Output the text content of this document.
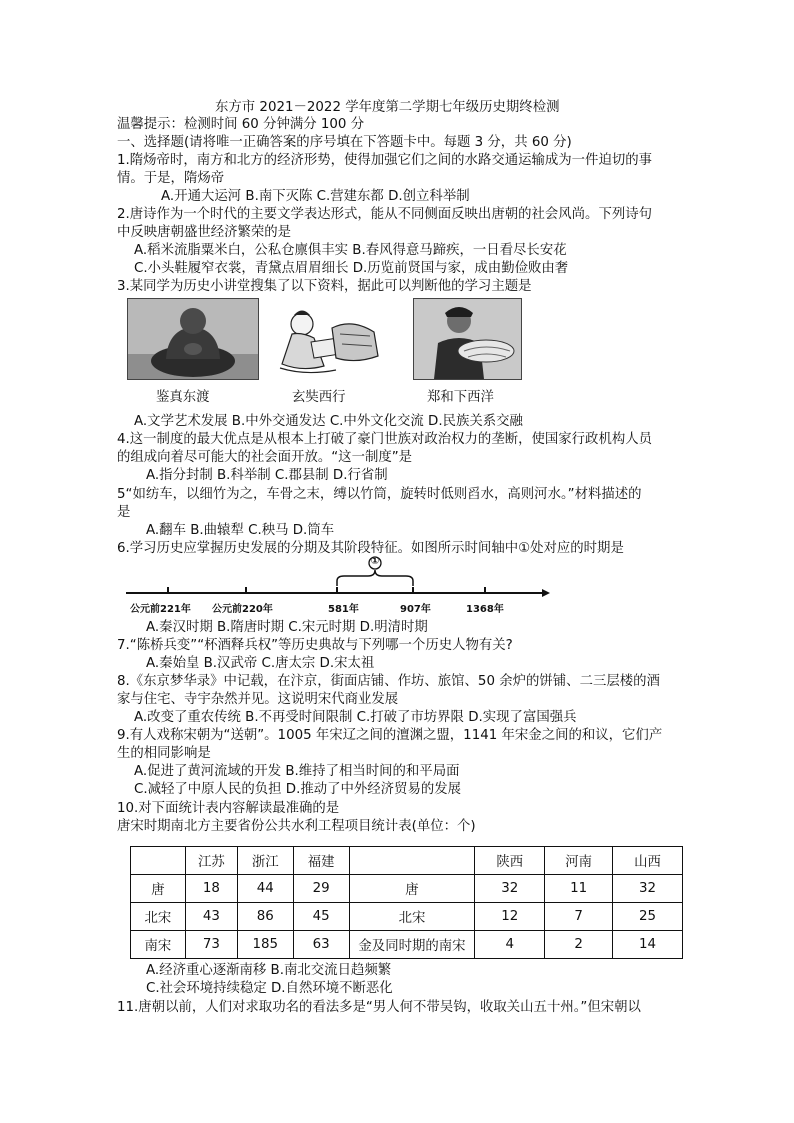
东方市 2021－2022 学年度第二学期七年级历史期终检测
温馨提示：检测时间 60 分钟满分 100 分
一、选择题(请将唯一正确答案的序号填在下答题卡中。每题 3 分，共 60 分)
1.隋炀帝时，南方和北方的经济形势，使得加强它们之间的水路交通运输成为一件迫切的事
情。于是，隋炀帝
A.开通大运河 B.南下灭陈 C.营建东都 D.创立科举制
2.唐诗作为一个时代的主要文学表达形式，能从不同侧面反映出唐朝的社会风尚。下列诗句
中反映唐朝盛世经济繁荣的是
A.稻米流脂粟米白，公私仓廪俱丰实 B.春风得意马蹄疾，一日看尽长安花
C.小头鞋履窄衣裳，青黛点眉眉细长 D.历览前贤国与家，成由勤俭败由奢
3.某同学为历史小讲堂搜集了以下资料，据此可以判断他的学习主题是
鉴真东渡	玄奘西行	郑和下西洋
A.文学艺术发展 B.中外交通发达 C.中外文化交流 D.民族关系交融
4.这一制度的最大优点是从根本上打破了豪门世族对政治权力的垄断，使国家行政机构人员
的组成向着尽可能大的社会面开放。“这一制度”是
A.指分封制 B.科举制 C.郡县制 D.行省制
5“如纺车，以细竹为之，车骨之末，缚以竹筒，旋转时低则舀水，高则河水。”材料描述的
是
A.翻车 B.曲辕犁 C.秧马 D.筒车
6.学习历史应掌握历史发展的分期及其阶段特征。如图所示时间轴中①处对应的时期是
①
公元前221年 公元前220年	581年	907年	1368年
A.秦汉时期 B.隋唐时期 C.宋元时期 D.明清时期
7.“陈桥兵变”“杯酒释兵权”等历史典故与下列哪一个历史人物有关?
A.秦始皇 B.汉武帝 C.唐太宗 D.宋太祖
8.《东京梦华录》中记载，在汴京，街面店铺、作坊、旅馆、50 余炉的饼铺、二三层楼的酒
家与住宅、寺宇杂然并见。这说明宋代商业发展
A.改变了重农传统 B.不再受时间限制 C.打破了市坊界限 D.实现了富国强兵
9.有人戏称宋朝为“送朝”。1005 年宋辽之间的澶渊之盟，1141 年宋金之间的和议，它们产
生的相同影响是
A.促进了黄河流域的开发 B.维持了相当时间的和平局面
C.减轻了中原人民的负担 D.推动了中外经济贸易的发展
10.对下面统计表内容解读最准确的是
唐宋时期南北方主要省份公共水利工程项目统计表(单位：个)
	江苏	浙江	福建		陕西	河南	山西
唐	18	44	29	唐	32	11	32
北宋	43	86	45	北宋	12	7	25
南宋	73	185	63	金及同时期的南宋	4	2	14
A.经济重心逐渐南移 B.南北交流日趋频繁
C.社会环境持续稳定 D.自然环境不断恶化
11.唐朝以前，人们对求取功名的看法多是“男人何不带吴钩，收取关山五十州。”但宋朝以
